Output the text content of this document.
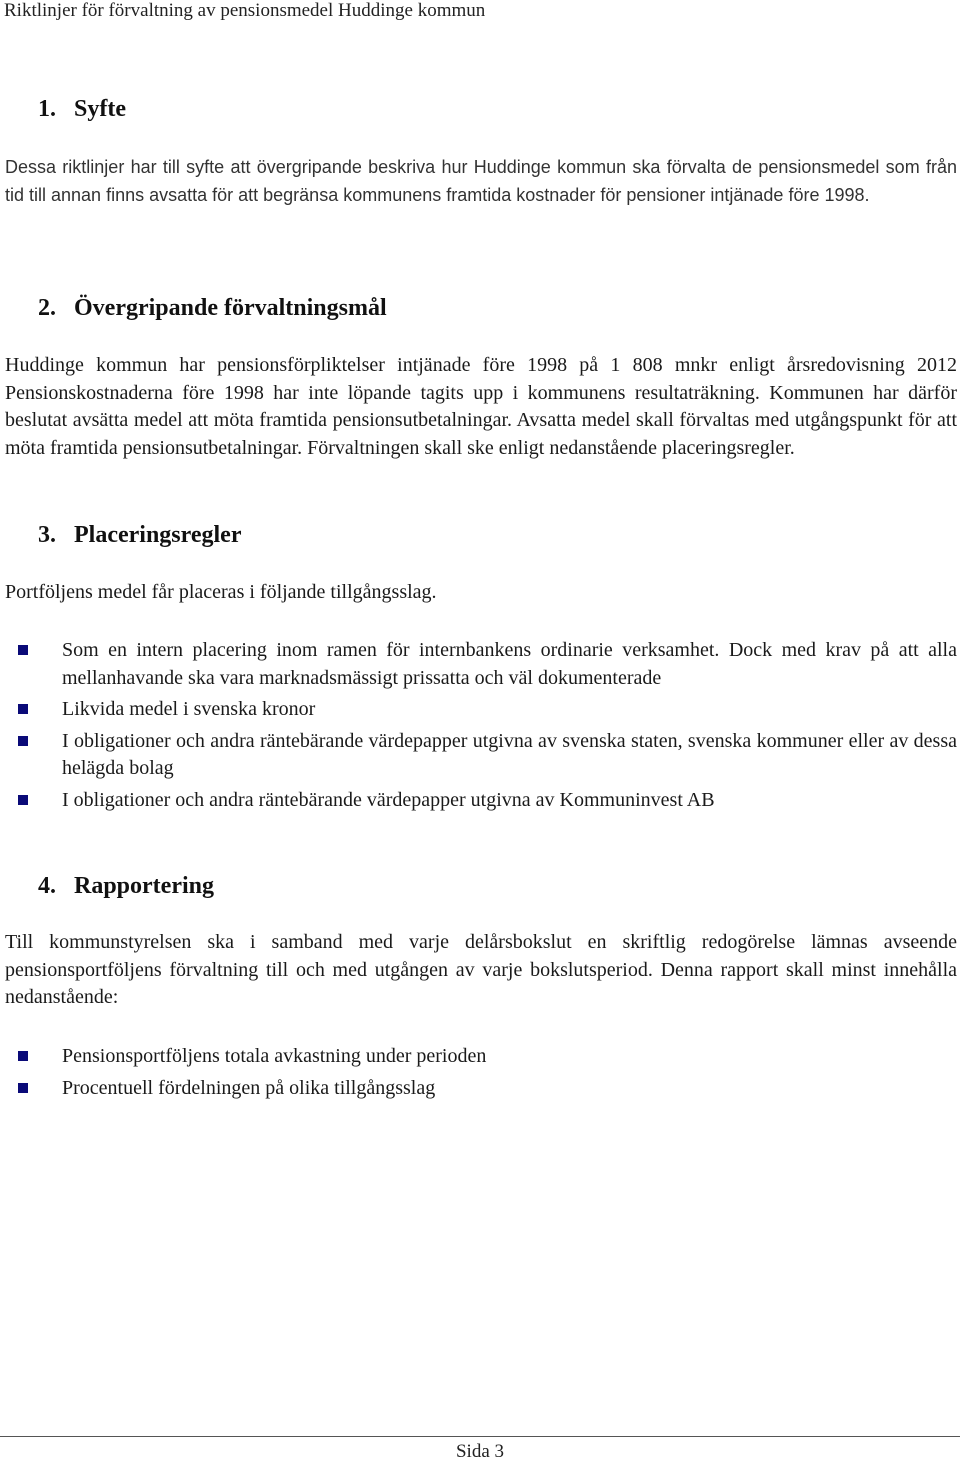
Riktlinjer för förvaltning av pensionsmedel Huddinge kommun
1. Syfte
Dessa riktlinjer har till syfte att övergripande beskriva hur Huddinge kommun ska förvalta de pensionsmedel som från tid till annan finns avsatta för att begränsa kommunens framtida kostnader för pensioner intjänade före 1998.
2. Övergripande förvaltningsmål
Huddinge kommun har pensionsförpliktelser intjänade före 1998 på 1 808 mnkr enligt årsredovisning 2012 Pensionskostnaderna före 1998 har inte löpande tagits upp i kommunens resultaträkning. Kommunen har därför beslutat avsätta medel att möta framtida pensionsutbetalningar. Avsatta medel skall förvaltas med utgångspunkt för att möta framtida pensionsutbetalningar. Förvaltningen skall ske enligt nedanstående placeringsregler.
3. Placeringsregler
Portföljens medel får placeras i följande tillgångsslag.
Som en intern placering inom ramen för internbankens ordinarie verksamhet. Dock med krav på att alla mellanhavande ska vara marknadsmässigt prissatta och väl dokumenterade
Likvida medel i svenska kronor
I obligationer och andra räntebärande värdepapper utgivna av svenska staten, svenska kommuner eller av dessa helägda bolag
I obligationer och andra räntebärande värdepapper utgivna av Kommuninvest AB
4. Rapportering
Till kommunstyrelsen ska i samband med varje delårsbokslut en skriftlig redogörelse lämnas avseende pensionsportföljens förvaltning till och med utgången av varje bokslutsperiod. Denna rapport skall minst innehålla nedanstående:
Pensionsportföljens totala avkastning under perioden
Procentuell fördelningen på olika tillgångsslag
Sida 3
